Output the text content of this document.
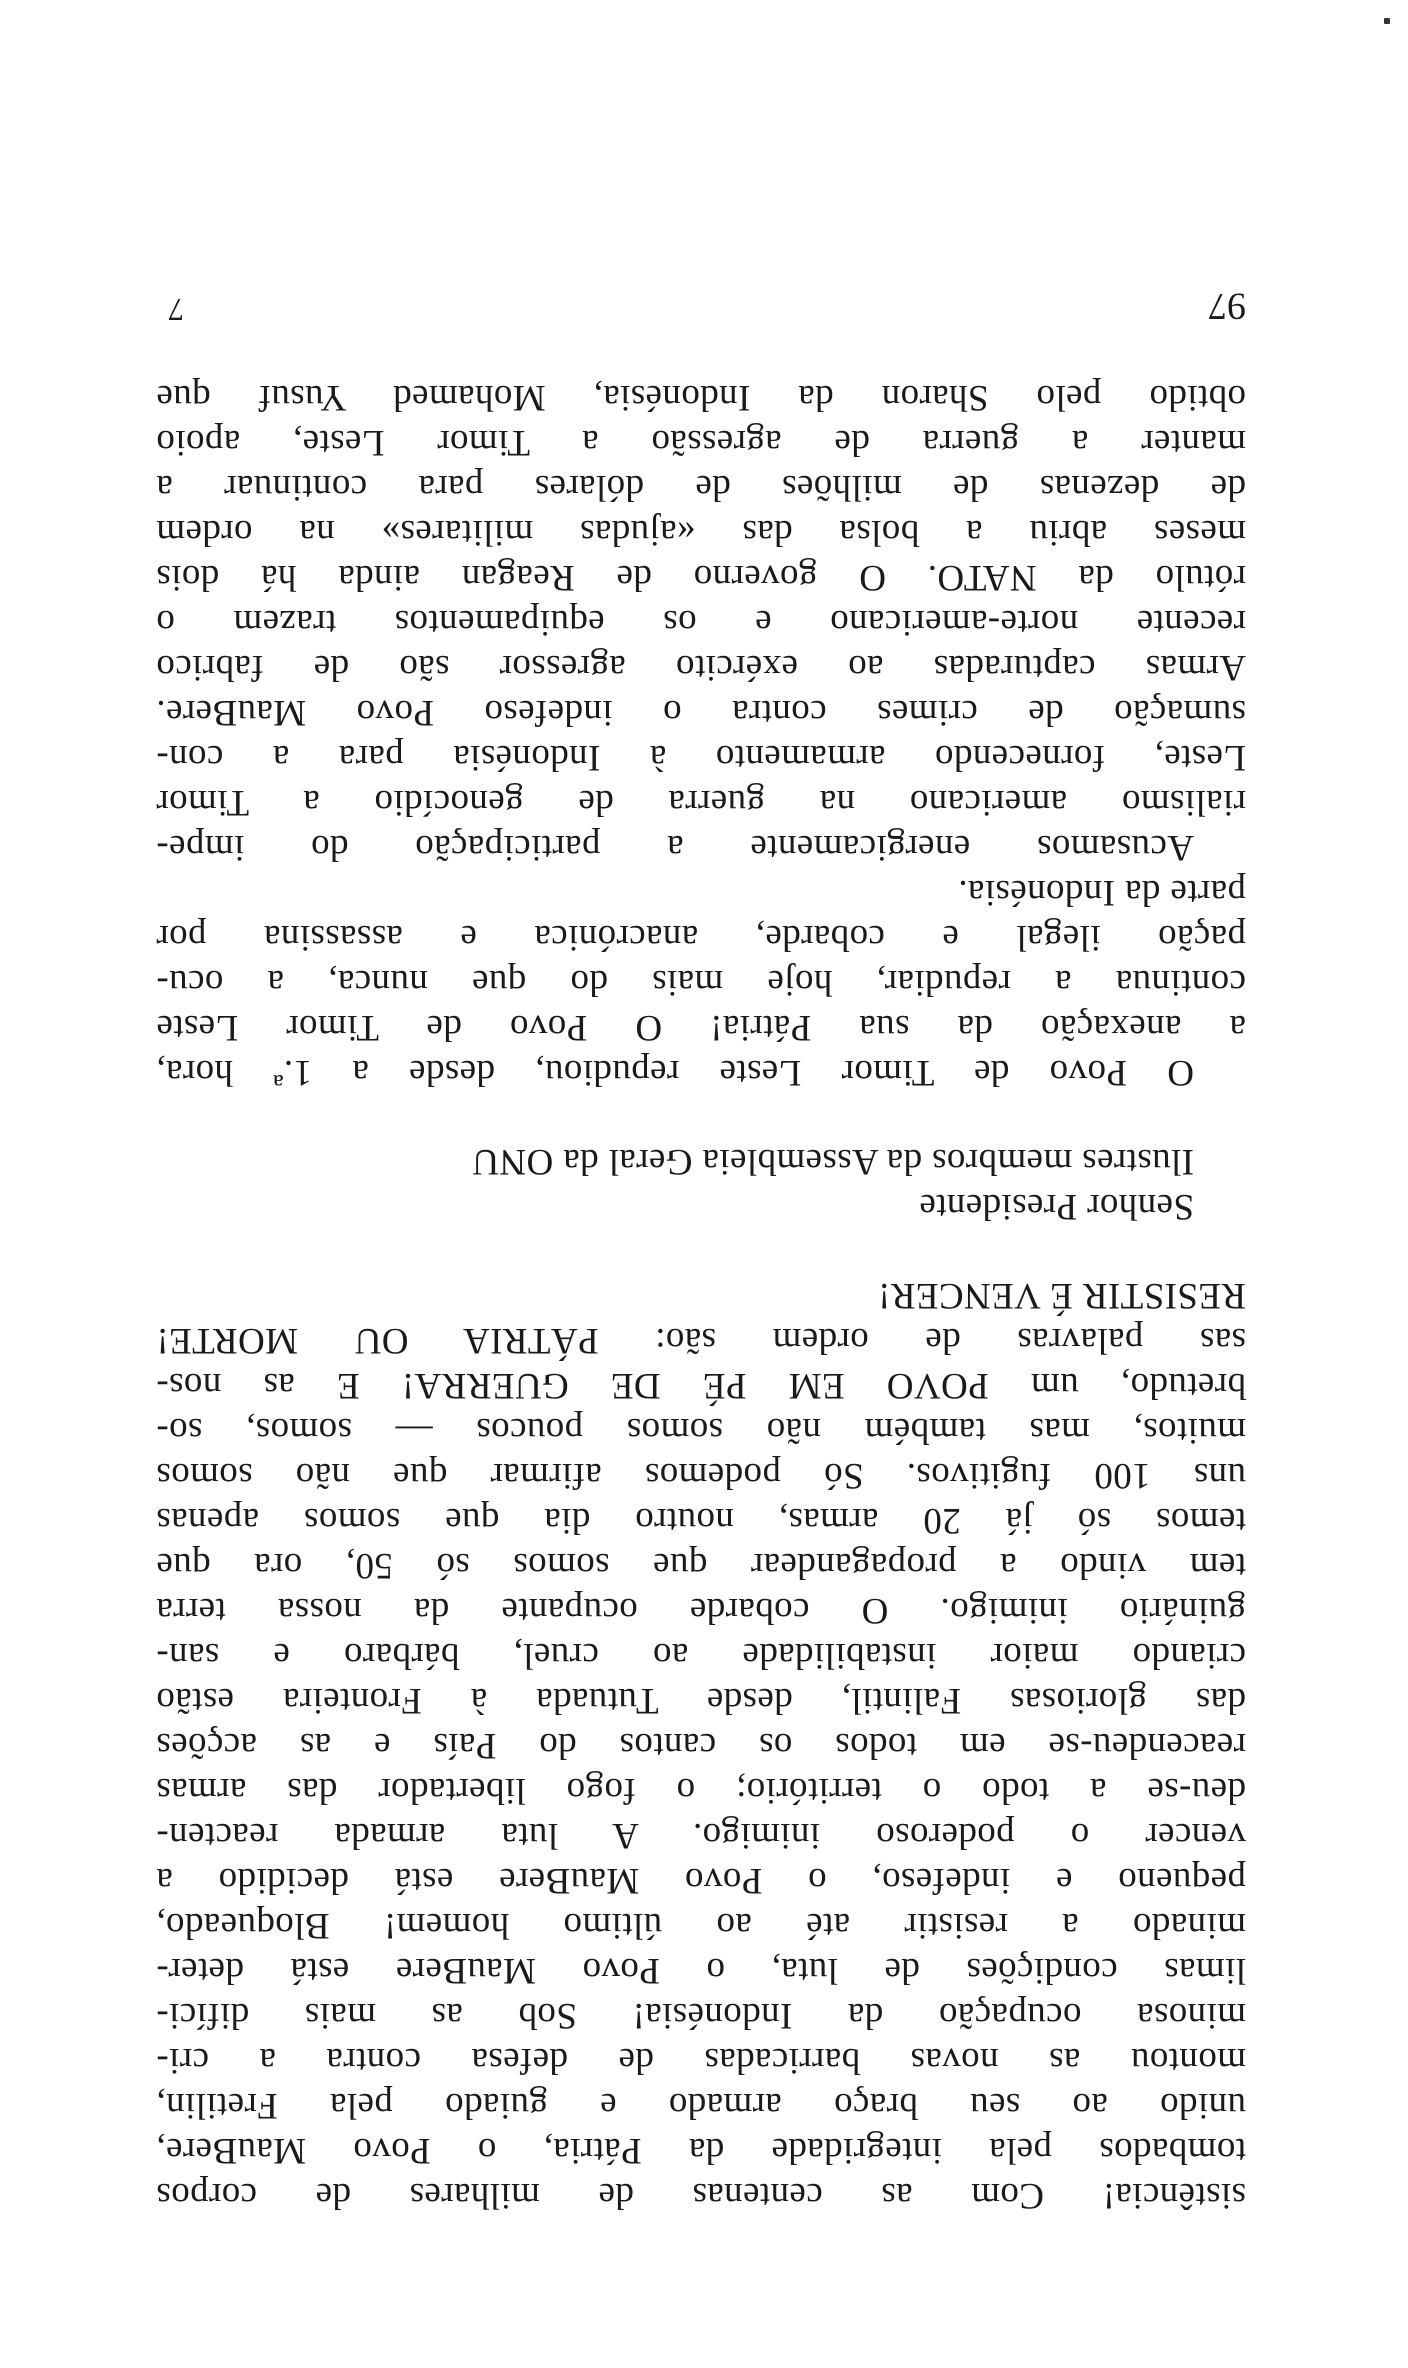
sistência! Com as centenas de milhares de corpos
tombados pela integridade da Pátria, o Povo MauBere,
unido ao seu braço armado e guiado pela Fretilin,
montou as novas barricadas de defesa contra a cri-
minosa ocupação da Indonésia! Sob as mais difíci-
limas condições de luta, o Povo MauBere está deter-
minado a resistir até ao último homem! Bloqueado,
pequeno e indefeso, o Povo MauBere está decidido a
vencer o poderoso inimigo. A luta armada reacten-
deu-se a todo o território; o fogo libertador das armas
reacendeu-se em todos os cantos do País e as acções
das gloriosas Falintil, desde Tutuada à Fronteira estão
criando maior instabilidade ao cruel, bárbaro e san-
guinário inimigo. O cobarde ocupante da nossa terra
tem vindo a propagandear que somos só 50, ora que
temos só já 20 armas, noutro dia que somos apenas
uns 100 fugitivos. Só podemos afirmar que não somos
muitos, mas também não somos poucos — somos, so-
bretudo, um POVO EM PÉ DE GUERRA! E as nos-
sas palavras de ordem são: PÁTRIA OU MORTE!
RESISTIR É VENCER!
Senhor Presidente
Ilustres membros da Assembleia Geral da ONU
O Povo de Timor Leste repudiou, desde a 1.ª hora,
a anexação da sua Pátria! O Povo de Timor Leste
continua a repudiar, hoje mais do que nunca, a ocu-
pação ilegal e cobarde, anacrónica e assassina por
parte da Indonésia.
Acusamos energicamente a participação do impe-
rialismo americano na guerra de genocídio a Timor
Leste, fornecendo armamento à Indonésia para a con-
sumação de crimes contra o indefeso Povo MauBere.
Armas capturadas ao exército agressor são de fabrico
recente norte-americano e os equipamentos trazem o
rótulo da NATO. O governo de Reagan ainda há dois
meses abriu a bolsa das «ajudas militares» na ordem
de dezenas de milhões de dólares para continuar a
manter a guerra de agressão a Timor Leste, apoio
obtido pelo Sharon da Indonésia, Mohamed Yusuf que
97
7
